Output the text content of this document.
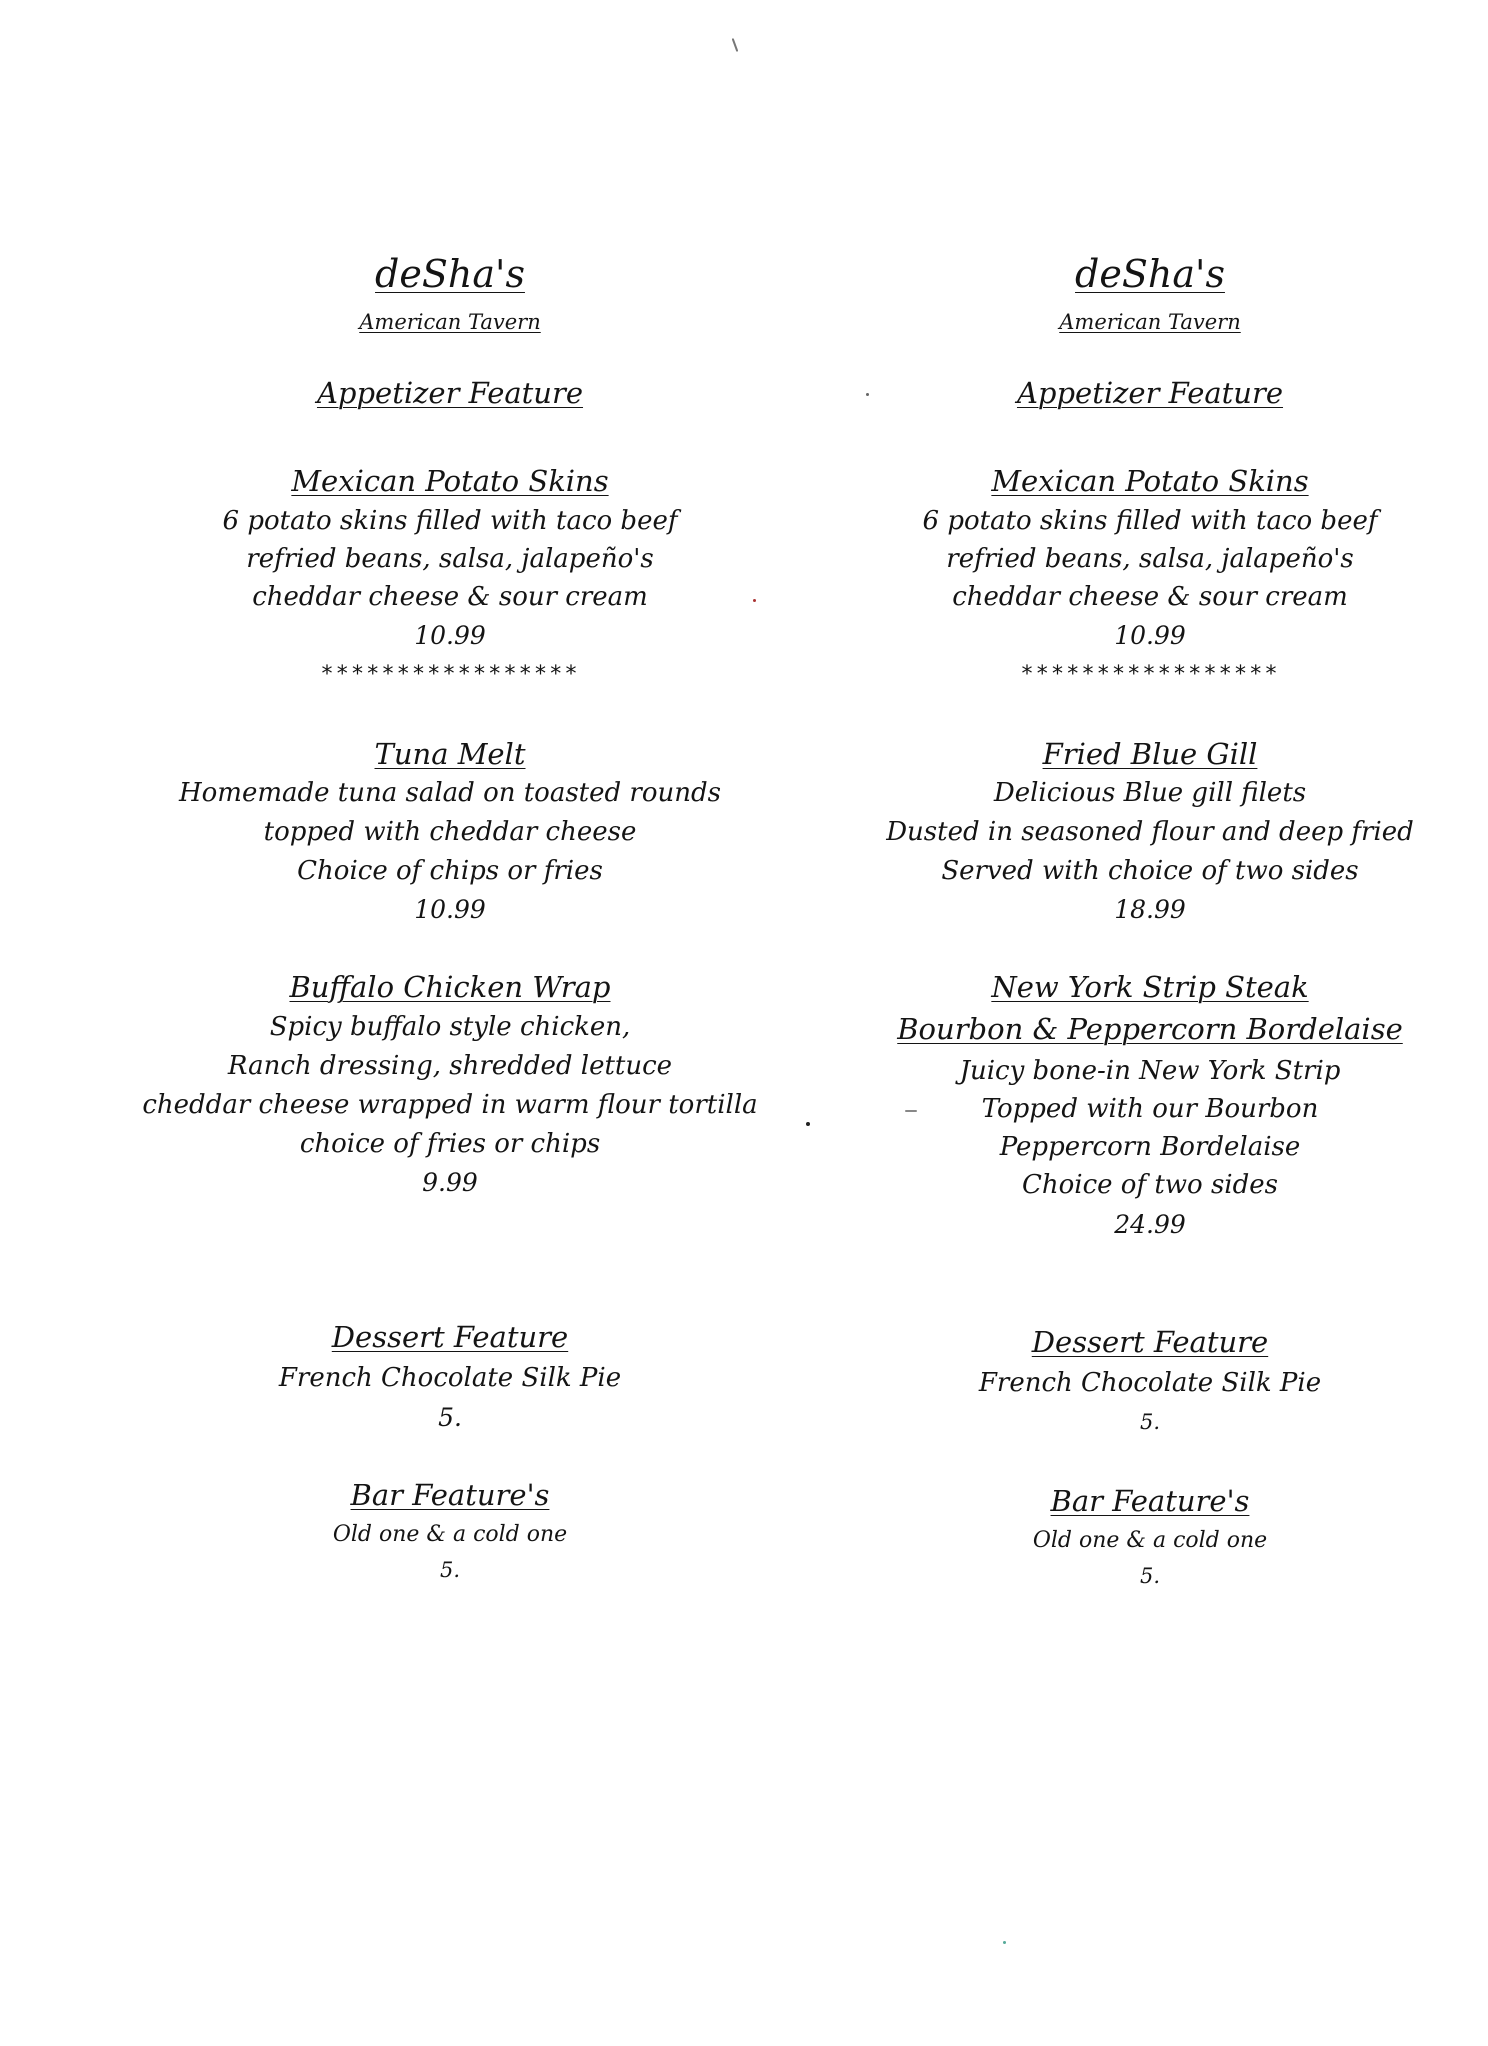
deSha's
American Tavern
Appetizer Feature
Mexican Potato Skins
6 potato skins filled with taco beef
refried beans, salsa, jalapeño's
cheddar cheese & sour cream
10.99
*****************
Tuna Melt
Homemade tuna salad on toasted rounds
topped with cheddar cheese
Choice of chips or fries
10.99
Buffalo Chicken Wrap
Spicy buffalo style chicken,
Ranch dressing, shredded lettuce
cheddar cheese wrapped in warm flour tortilla
choice of fries or chips
9.99
Dessert Feature
French Chocolate Silk Pie
5.
Bar Feature's
Old one & a cold one
5.
deSha's
American Tavern
Appetizer Feature
Mexican Potato Skins
6 potato skins filled with taco beef
refried beans, salsa, jalapeño's
cheddar cheese & sour cream
10.99
*****************
Fried Blue Gill
Delicious Blue gill filets
Dusted in seasoned flour and deep fried
Served with choice of two sides
18.99
New York Strip Steak
Bourbon & Peppercorn Bordelaise
Juicy bone-in New York Strip
Topped with our Bourbon
Peppercorn Bordelaise
Choice of two sides
24.99
Dessert Feature
French Chocolate Silk Pie
5.
Bar Feature's
Old one & a cold one
5.
